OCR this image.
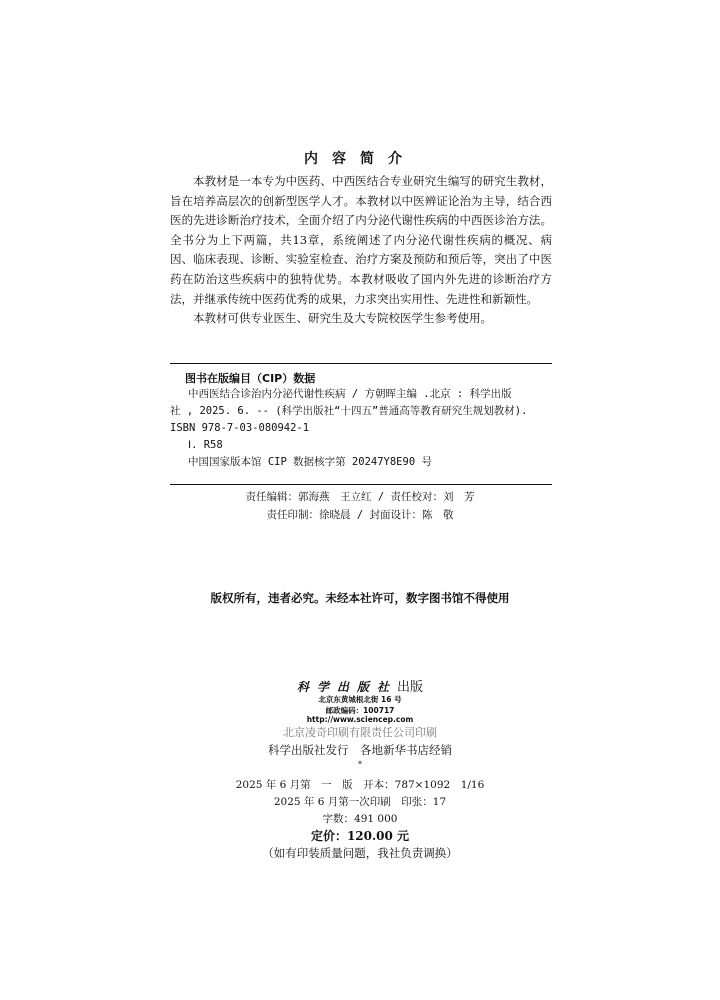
内容简介

本教材是一本专为中医药、中西医结合专业研究生编写的研究生教材，旨在培养高层次的创新型医学人才。本教材以中医辨证论治为主导，结合西医的先进诊断治疗技术，全面介绍了内分泌代谢性疾病的中西医诊治方法。全书分为上下两篇，共13章，系统阐述了内分泌代谢性疾病的概况、病因、临床表现、诊断、实验室检查、治疗方案及预防和预后等，突出了中医药在防治这些疾病中的独特优势。本教材吸收了国内外先进的诊断治疗方法，并继承传统中医药优秀的成果，力求突出实用性、先进性和新颖性。

本教材可供专业医生、研究生及大专院校医学生参考使用。

图书在版编目（CIP）数据
中西医结合诊治内分泌代谢性疾病 / 方朝晖主编 .北京 : 科学出版
社 , 2025. 6. -- (科学出版社“十四五”普通高等教育研究生规划教材).
ISBN 978-7-03-080942-1
Ⅰ. R58
中国国家版本馆 CIP 数据核字第 20247Y8E90 号
责任编辑：郭海燕　王立红 / 责任校对：刘　芳
责任印制：徐晓晨 / 封面设计：陈　敬
版权所有，违者必究。未经本社许可，数字图书馆不得使用
科学出版社出版
北京东黄城根北街 16 号
邮政编码：100717
http://www.sciencep.com
北京凌奇印刷有限责任公司印刷
科学出版社发行　各地新华书店经销
*
2025 年 6 月第　一　版　开本：787×1092　1/16
2025 年 6 月第一次印刷　印张：17
字数：491 000
定价：120.00 元
（如有印装质量问题，我社负责调换）
